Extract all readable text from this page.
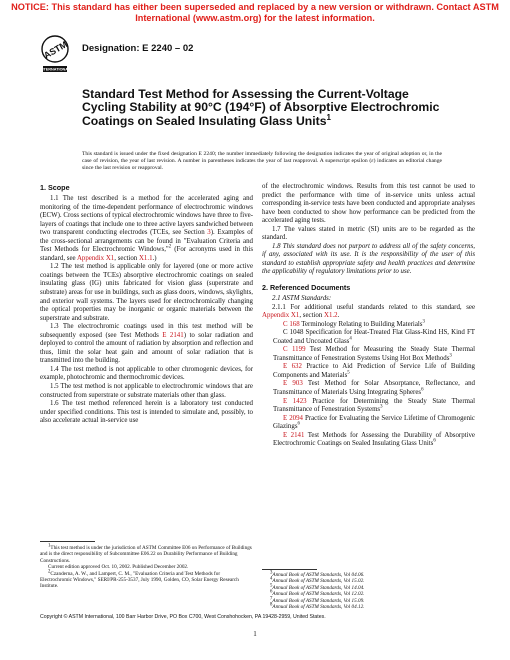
NOTICE: This standard has either been superseded and replaced by a new version or withdrawn. Contact ASTM
International (www.astm.org) for the latest information.
ASTM
INTERNATIONAL
Designation: E 2240 – 02
Standard Test Method for Assessing the Current-Voltage Cycling Stability at 90°C (194°F) of Absorptive Electrochromic Coatings on Sealed Insulating Glass Units$^1$
This standard is issued under the fixed designation E 2240; the number immediately following the designation indicates the year of original adoption or, in the case of revision, the year of last revision. A number in parentheses indicates the year of last reapproval. A superscript epsilon (ε) indicates an editorial change since the last revision or reapproval.
1. Scope

1.1 The test described is a method for the accelerated aging and monitoring of the time-dependent performance of electrochromic windows (ECW). Cross sections of typical electrochromic windows have three to five-layers of coatings that include one to three active layers sandwiched between two transparent conducting electrodes (TCEs, see Section 3). Examples of the cross-sectional arrangements can be found in "Evaluation Criteria and Test Methods for Electrochromic Windows,"$^2$ (For acronyms used in this standard, see Appendix X1, section X1.1.)

1.2 The test method is applicable only for layered (one or more active coatings between the TCEs) absorptive electrochromic coatings on sealed insulating glass (IG) units fabricated for vision glass (superstrate and substrate) areas for use in buildings, such as glass doors, windows, skylights, and exterior wall systems. The layers used for electrochromically changing the optical properties may be inorganic or organic materials between the superstrate and substrate.

1.3 The electrochromic coatings used in this test method will be subsequently exposed (see Test Methods E 2141) to solar radiation and deployed to control the amount of radiation by absorption and reflection and thus, limit the solar heat gain and amount of solar radiation that is transmitted into the building.

1.4 The test method is not applicable to other chromogenic devices, for example, photochromic and thermochromic devices.

1.5 The test method is not applicable to electrochromic windows that are constructed from superstrate or substrate materials other than glass.

1.6 The test method referenced herein is a laboratory test conducted under specified conditions. This test is intended to simulate and, possibly, to also accelerate actual in-service use

$^1$This test method is under the jurisdiction of ASTM Committee E06 on Performance of Buildings and is the direct responsibility of Subcommittee E06.22 on Durability Performance of Building Constructions.

Current edition approved Oct. 10, 2002. Published December 2002.

$^2$Czanderna, A. W., and Lampert, C. M., "Evaluation Criteria and Test Methods for Electrochromic Windows," SERI/PR-255-3537, July 1990, Golden, CO, Solar Energy Research Institute.

of the electrochromic windows. Results from this test cannot be used to predict the performance with time of in-service units unless actual corresponding in-service tests have been conducted and appropriate analyses have been conducted to show how performance can be predicted from the accelerated aging tests.

1.7 The values stated in metric (SI) units are to be regarded as the standard.

1.8 This standard does not purport to address all of the safety concerns, if any, associated with its use. It is the responsibility of the user of this standard to establish appropriate safety and health practices and determine the applicability of regulatory limitations prior to use.

2. Referenced Documents

2.1 ASTM Standards:

2.1.1 For additional useful standards related to this standard, see Appendix X1, section X1.2.

C 168 Terminology Relating to Building Materials$^3$

C 1048 Specification for Heat-Treated Flat Glass-Kind HS, Kind FT Coated and Uncoated Glass$^4$

C 1199 Test Method for Measuring the Steady State Thermal Transmittance of Fenestration Systems Using Hot Box Methods$^3$

E 632 Practice to Aid Prediction of Service Life of Building Components and Materials$^5$

E 903 Test Method for Solar Absorptance, Reflectance, and Transmittance of Materials Using Integrating Spheres$^6$

E 1423 Practice for Determining the Steady State Thermal Transmittance of Fenestration Systems$^3$

E 2094 Practice for Evaluating the Service Lifetime of Chromogenic Glazings$^6$

E 2141 Test Methods for Assessing the Durability of Absorptive Electrochromic Coatings on Sealed Insulating Glass Units$^6$

$^3$Annual Book of ASTM Standards, Vol 04.06.

$^4$Annual Book of ASTM Standards, Vol 15.02.

$^5$Annual Book of ASTM Standards, Vol 14.04.

$^6$Annual Book of ASTM Standards, Vol 12.02.

$^7$Annual Book of ASTM Standards, Vol 15.09.

$^8$Annual Book of ASTM Standards, Vol 04.12.

Copyright © ASTM International, 100 Barr Harbor Drive, PO Box C700, West Conshohocken, PA 19428-2959, United States.
1
